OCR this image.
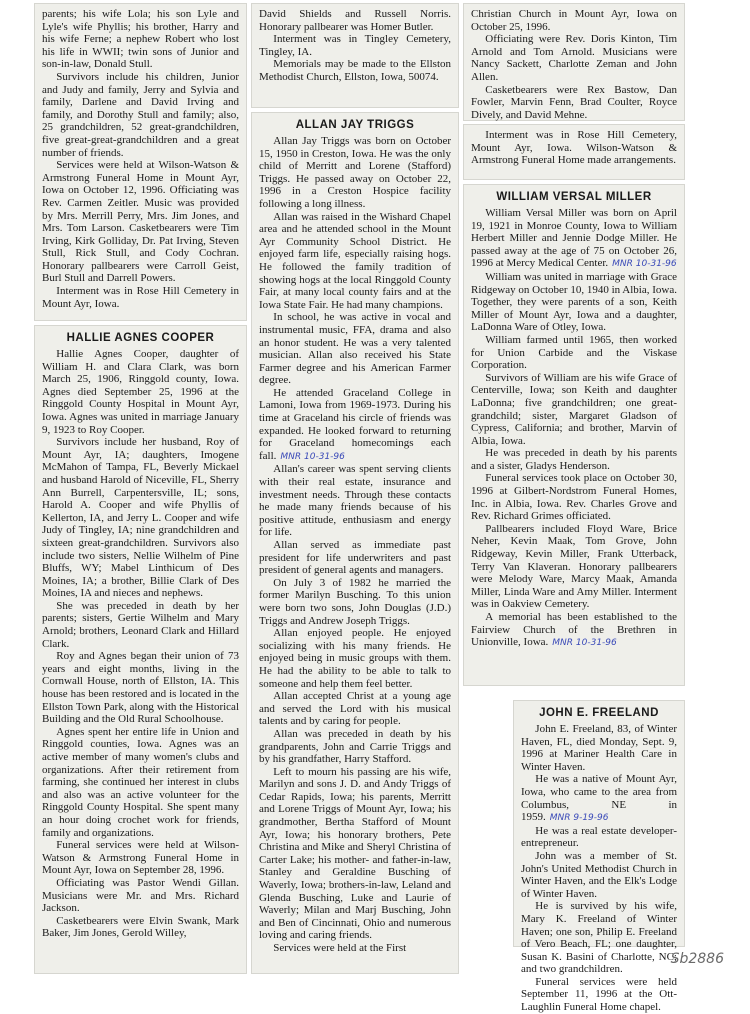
parents; his wife Lola; his son Lyle and Lyle's wife Phyllis; his brother, Harry and his wife Ferne; a nephew Robert who lost his life in WWII; twin sons of Junior and son-in-law, Donald Stull.

Survivors include his children, Junior and Judy and family, Jerry and Sylvia and family, Darlene and David Irving and family, and Dorothy Stull and family; also, 25 grandchildren, 52 great-grandchildren, five great-great-grandchildren and a great number of friends.

Services were held at Wilson-Watson & Armstrong Funeral Home in Mount Ayr, Iowa on October 12, 1996. Officiating was Rev. Carmen Zeitler. Music was provided by Mrs. Merrill Perry, Mrs. Jim Jones, and Mrs. Tom Larson. Casketbearers were Tim Irving, Kirk Golliday, Dr. Pat Irving, Steven Stull, Rick Stull, and Cody Cochran. Honorary pallbearers were Carroll Geist, Burl Stull and Darrell Powers.

Interment was in Rose Hill Cemetery in Mount Ayr, Iowa.

HALLIE AGNES COOPER

Hallie Agnes Cooper, daughter of William H. and Clara Clark, was born March 25, 1906, Ringgold county, Iowa. Agnes died September 25, 1996 at the Ringgold County Hospital in Mount Ayr, Iowa. Agnes was united in marriage January 9, 1923 to Roy Cooper.

Survivors include her husband, Roy of Mount Ayr, IA; daughters, Imogene McMahon of Tampa, FL, Beverly Mickael and husband Harold of Niceville, FL, Sherry Ann Burrell, Carpentersville, IL; sons, Harold A. Cooper and wife Phyllis of Kellerton, IA, and Jerry L. Cooper and wife Judy of Tingley, IA; nine grandchildren and sixteen great-grandchildren. Survivors also include two sisters, Nellie Wilhelm of Pine Bluffs, WY; Mabel Linthicum of Des Moines, IA; a brother, Billie Clark of Des Moines, IA and nieces and nephews.

She was preceded in death by her parents; sisters, Gertie Wilhelm and Mary Arnold; brothers, Leonard Clark and Hillard Clark.

Roy and Agnes began their union of 73 years and eight months, living in the Cornwall House, north of Ellston, IA. This house has been restored and is located in the Ellston Town Park, along with the Historical Building and the Old Rural Schoolhouse.

Agnes spent her entire life in Union and Ringgold counties, Iowa. Agnes was an active member of many women's clubs and organizations. After their retirement from farming, she continued her interest in clubs and also was an active volunteer for the Ringgold County Hospital. She spent many an hour doing crochet work for friends, family and organizations.

Funeral services were held at Wilson-Watson & Armstrong Funeral Home in Mount Ayr, Iowa on September 28, 1996.

Officiating was Pastor Wendi Gillan. Musicians were Mr. and Mrs. Richard Jackson.

Casketbearers were Elvin Swank, Mark Baker, Jim Jones, Gerold Willey,

David Shields and Russell Norris. Honorary pallbearer was Homer Butler.

Interment was in Tingley Cemetery, Tingley, IA.

Memorials may be made to the Ellston Methodist Church, Ellston, Iowa, 50074.

ALLAN JAY TRIGGS

Allan Jay Triggs was born on October 15, 1950 in Creston, Iowa. He was the only child of Merritt and Lorene (Stafford) Triggs. He passed away on October 22, 1996 in a Creston Hospice facility following a long illness.

Allan was raised in the Wishard Chapel area and he attended school in the Mount Ayr Community School District. He enjoyed farm life, especially raising hogs. He followed the family tradition of showing hogs at the local Ringgold County Fair, at many local county fairs and at the Iowa State Fair. He had many champions.

In school, he was active in vocal and instrumental music, FFA, drama and also an honor student. He was a very talented musician. Allan also received his State Farmer degree and his American Farmer degree.

He attended Graceland College in Lamoni, Iowa from 1969-1973. During his time at Graceland his circle of friends was expanded. He looked forward to returning for Graceland homecomings each fall. MNR 10-31-96

Allan's career was spent serving clients with their real estate, insurance and investment needs. Through these contacts he made many friends because of his positive attitude, enthusiasm and energy for life.

Allan served as immediate past president for life underwriters and past president of general agents and managers.

On July 3 of 1982 he married the former Marilyn Busching. To this union were born two sons, John Douglas (J.D.) Triggs and Andrew Joseph Triggs.

Allan enjoyed people. He enjoyed socializing with his many friends. He enjoyed being in music groups with them. He had the ability to be able to talk to someone and help them feel better.

Allan accepted Christ at a young age and served the Lord with his musical talents and by caring for people.

Allan was preceded in death by his grandparents, John and Carrie Triggs and by his grandfather, Harry Stafford.

Left to mourn his passing are his wife, Marilyn and sons J. D. and Andy Triggs of Cedar Rapids, Iowa; his parents, Merritt and Lorene Triggs of Mount Ayr, Iowa; his grandmother, Bertha Stafford of Mount Ayr, Iowa; his honorary brothers, Pete Christina and Mike and Sheryl Christina of Carter Lake; his mother- and father-in-law, Stanley and Geraldine Busching of Waverly, Iowa; brothers-in-law, Leland and Glenda Busching, Luke and Laurie of Waverly; Milan and Marj Busching, John and Ben of Cincinnati, Ohio and numerous loving and caring friends.

Services were held at the First

Christian Church in Mount Ayr, Iowa on October 25, 1996.

Officiating were Rev. Doris Kinton, Tim Arnold and Tom Arnold. Musicians were Nancy Sackett, Charlotte Zeman and John Allen.

Casketbearers were Rex Bastow, Dan Fowler, Marvin Fenn, Brad Coulter, Royce Dively, and David Mehne.

Interment was in Rose Hill Cemetery, Mount Ayr, Iowa. Wilson-Watson & Armstrong Funeral Home made arrangements.

WILLIAM VERSAL MILLER

William Versal Miller was born on April 19, 1921 in Monroe County, Iowa to William Herbert Miller and Jennie Dodge Miller. He passed away at the age of 75 on October 26, 1996 at Mercy Medical Center. MNR 10-31-96

William was united in marriage with Grace Ridgeway on October 10, 1940 in Albia, Iowa. Together, they were parents of a son, Keith Miller of Mount Ayr, Iowa and a daughter, LaDonna Ware of Otley, Iowa.

William farmed until 1965, then worked for Union Carbide and the Viskase Corporation.

Survivors of William are his wife Grace of Centerville, Iowa; son Keith and daughter LaDonna; five grandchildren; one great-grandchild; sister, Margaret Gladson of Cypress, California; and brother, Marvin of Albia, Iowa.

He was preceded in death by his parents and a sister, Gladys Henderson.

Funeral services took place on October 30, 1996 at Gilbert-Nordstrom Funeral Homes, Inc. in Albia, Iowa. Rev. Charles Grove and Rev. Richard Grimes officiated.

Pallbearers included Floyd Ware, Brice Neher, Kevin Maak, Tom Grove, John Ridgeway, Kevin Miller, Frank Utterback, Terry Van Klaveran. Honorary pallbearers were Melody Ware, Marcy Maak, Amanda Miller, Linda Ware and Amy Miller. Interment was in Oakview Cemetery.

A memorial has been established to the Fairview Church of the Brethren in Unionville, Iowa. MNR 10-31-96

JOHN E. FREELAND

John E. Freeland, 83, of Winter Haven, FL, died Monday, Sept. 9, 1996 at Mariner Health Care in Winter Haven.

He was a native of Mount Ayr, Iowa, who came to the area from Columbus, NE in 1959. MNR 9-19-96

He was a real estate developer-entrepreneur.

John was a member of St. John's United Methodist Church in Winter Haven, and the Elk's Lodge of Winter Haven.

He is survived by his wife, Mary K. Freeland of Winter Haven; one son, Philip E. Freeland of Vero Beach, FL; one daughter, Susan K. Basini of Charlotte, NC; and two grandchildren.

Funeral services were held September 11, 1996 at the Ott-Laughlin Funeral Home chapel.

Sb2886
